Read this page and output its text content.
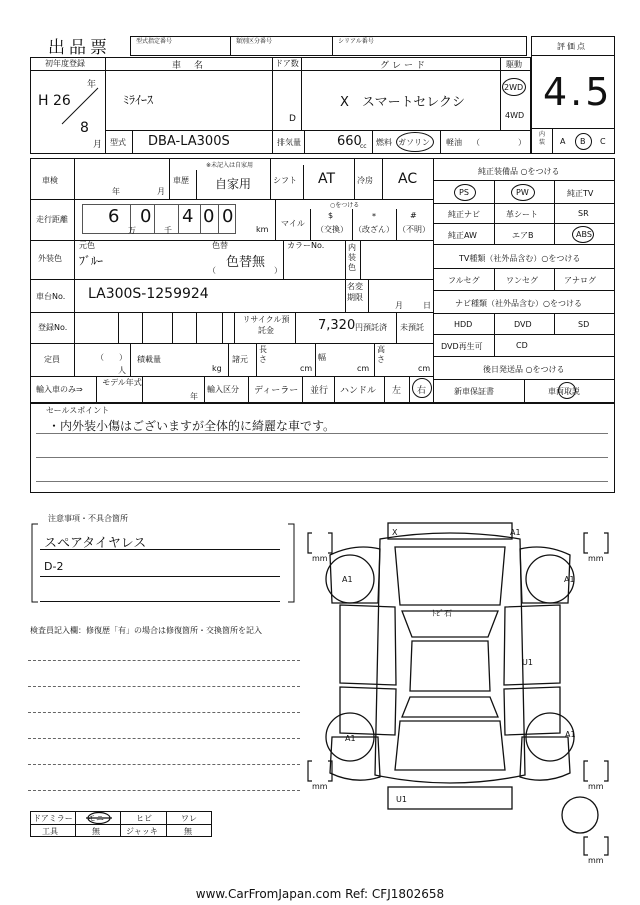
出品票	型式指定番号	類別区分番号	シリアル番号
評価点
4.5
初年度登録
年
H 26
8
月
車　名
ﾐﾗｲｰｽ
ドア数
D
グレード
X　スマートセレクシ
駆動
2WD
4WD
型式 DBA-LA300S	排気量	660
cc 燃料 ガソリン 軽油 （	）
内装	A B C
車検
年	月
車歴
※未記入は自家用
自家用	シフト AT	冷房 AC
走行距離 6
万
0
千
4 0 0
km
○をつける
マイル
$
（交換）
*
（改ざん）
#
（不明）
外装色
元色
ﾌﾞﾙｰ
色替
色替無
（	）
カラーNo.	内装色
車台No. LA300S-1259924	名変期限
月	日
登録No.
リサイクル預託金	7,320 円預託済 未預託
定員	（ ）
人
積載量
kg
諸元
長さ
cm
幅
cm
高さ
cm
輸入車のみ⇒
モデル年式
年
輸入区分 ディーラー 並行 ハンドル 左 右
純正装備品 ○をつける
PS	PW	純正TV
純正ナビ	革シート	SR
純正AW	エアB	ABS
TV種類（社外品含む）○をつける
フルセグ	ワンセグ	アナログ
ナビ種類（社外品含む）○をつける
HDD	DVD	SD
DVD再生可	CD
後日発送品 ○をつける
新車保証書	車両取説
セールスポイント
・内外装小傷はございますが全体的に綺麗な車です。
注意事項・不具合箇所
スペアタイヤレス
D-2
検査員記入欄：修復歴「有」の場合は修復箇所・交換箇所を記入
ドアミラー モニ	ヒビ	ワレ
工具	無	ジャッキ	無
X	A1
A1	A1
ﾄﾋﾞ石
U1
A1	A1
U1
mm	mm
mm	mm
mm
www.CarFromJapan.com Ref: CFJ1802658
